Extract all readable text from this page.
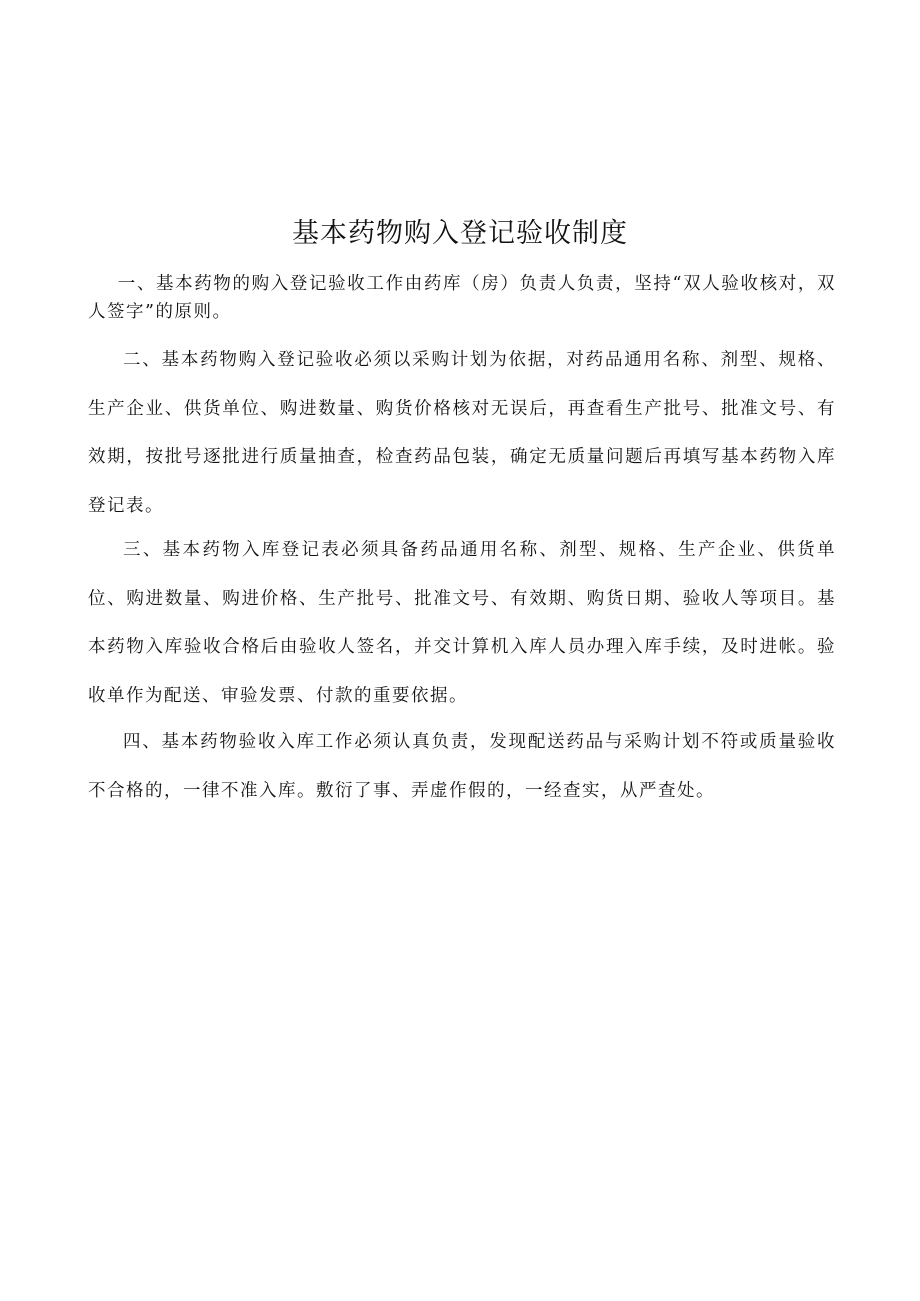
基本药物购入登记验收制度

一、基本药物的购入登记验收工作由药库（房）负责人负责，坚持“双人验收核对，双人签字”的原则。

二、基本药物购入登记验收必须以采购计划为依据，对药品通用名称、剂型、规格、生产企业、供货单位、购进数量、购货价格核对无误后，再查看生产批号、批准文号、有效期，按批号逐批进行质量抽查，检查药品包装，确定无质量问题后再填写基本药物入库登记表。

三、基本药物入库登记表必须具备药品通用名称、剂型、规格、生产企业、供货单位、购进数量、购进价格、生产批号、批准文号、有效期、购货日期、验收人等项目。基本药物入库验收合格后由验收人签名，并交计算机入库人员办理入库手续，及时进帐。验收单作为配送、审验发票、付款的重要依据。

四、基本药物验收入库工作必须认真负责，发现配送药品与采购计划不符或质量验收不合格的，一律不准入库。敷衍了事、弄虚作假的，一经查实，从严查处。
